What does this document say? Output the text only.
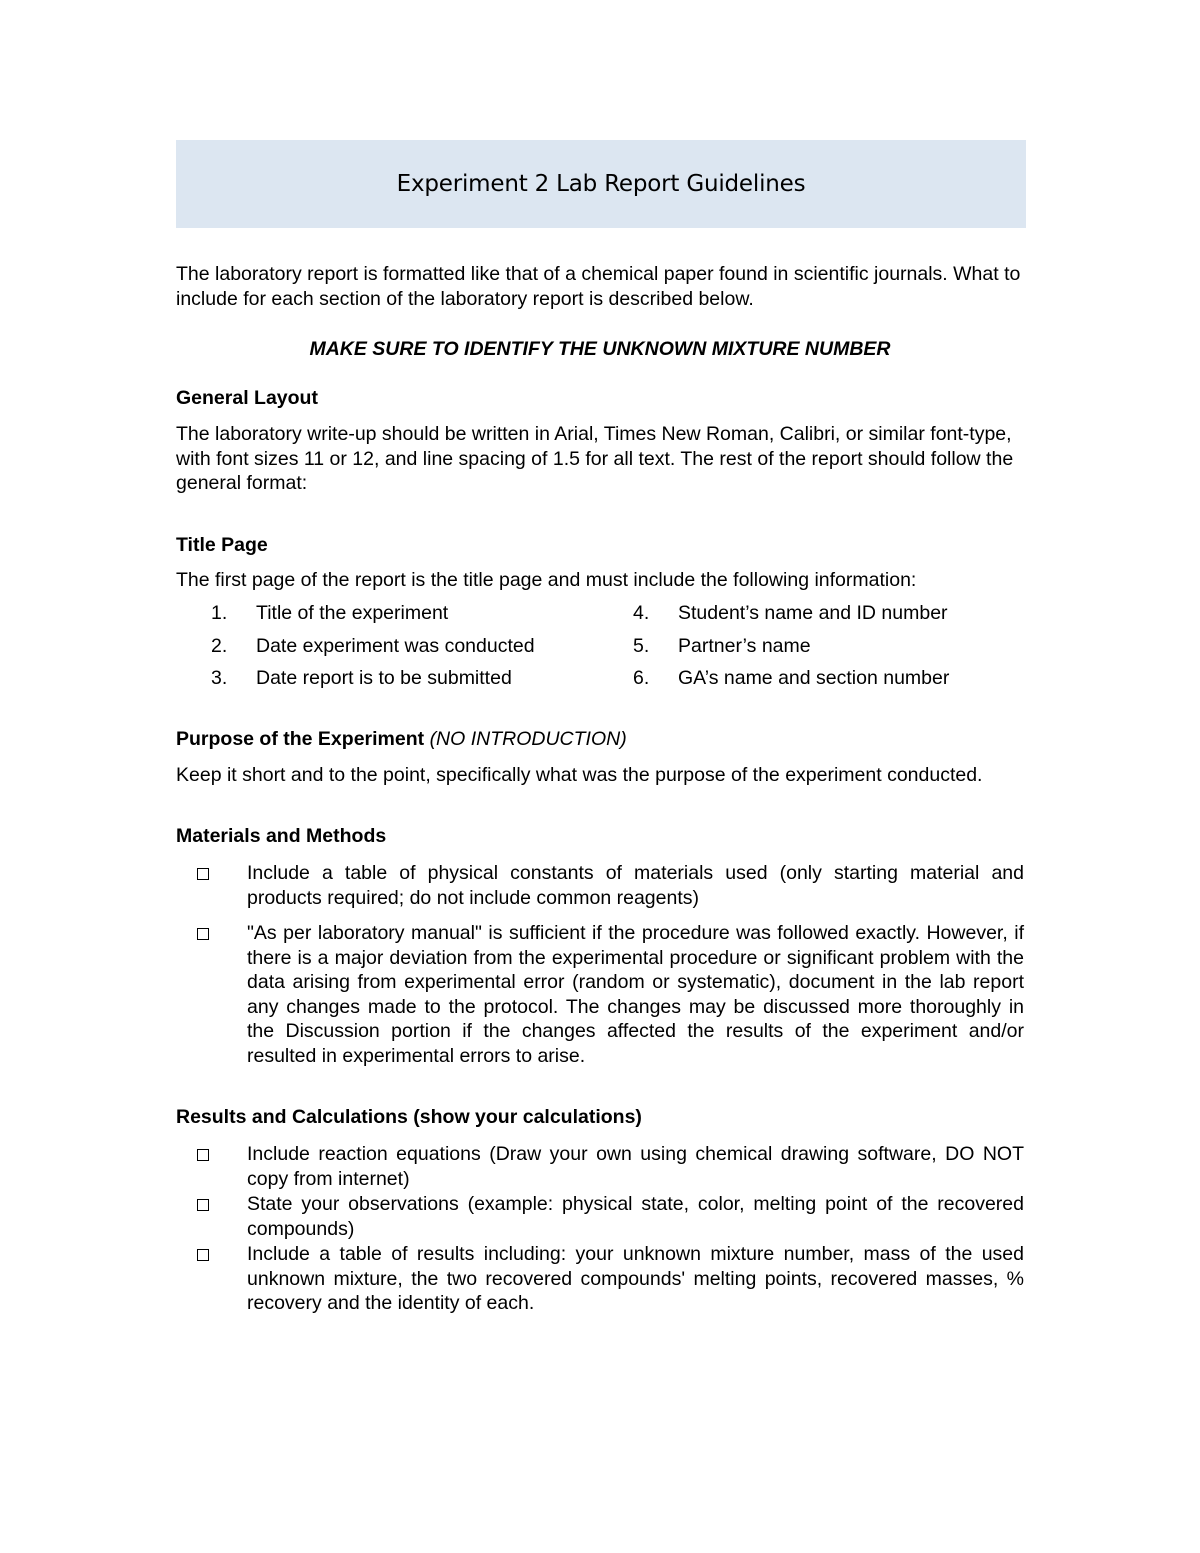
Experiment 2 Lab Report Guidelines

The laboratory report is formatted like that of a chemical paper found in scientific journals. What to include for each section of the laboratory report is described below.

MAKE SURE TO IDENTIFY THE UNKNOWN MIXTURE NUMBER

General Layout

The laboratory write-up should be written in Arial, Times New Roman, Calibri, or similar font-type, with font sizes 11 or 12, and line spacing of 1.5 for all text. The rest of the report should follow the general format:

Title Page

The first page of the report is the title page and must include the following information:

1.	Title of the experiment	4.	Student’s name and ID number
2.	Date experiment was conducted	5.	Partner’s name
3.	Date report is to be submitted	6.	GA’s name and section number
Purpose of the Experiment (NO INTRODUCTION)

Keep it short and to the point, specifically what was the purpose of the experiment conducted.

Materials and Methods
Include a table of physical constants of materials used (only starting material and products required; do not include common reagents)
"As per laboratory manual" is sufficient if the procedure was followed exactly. However, if there is a major deviation from the experimental procedure or significant problem with the data arising from experimental error (random or systematic), document in the lab report any changes made to the protocol. The changes may be discussed more thoroughly in the Discussion portion if the changes affected the results of the experiment and/or resulted in experimental errors to arise.
Results and Calculations (show your calculations)
Include reaction equations (Draw your own using chemical drawing software, DO NOT copy from internet)
State your observations (example: physical state, color, melting point of the recovered compounds)
Include a table of results including: your unknown mixture number, mass of the used unknown mixture, the two recovered compounds' melting points, recovered masses, % recovery and the identity of each.
